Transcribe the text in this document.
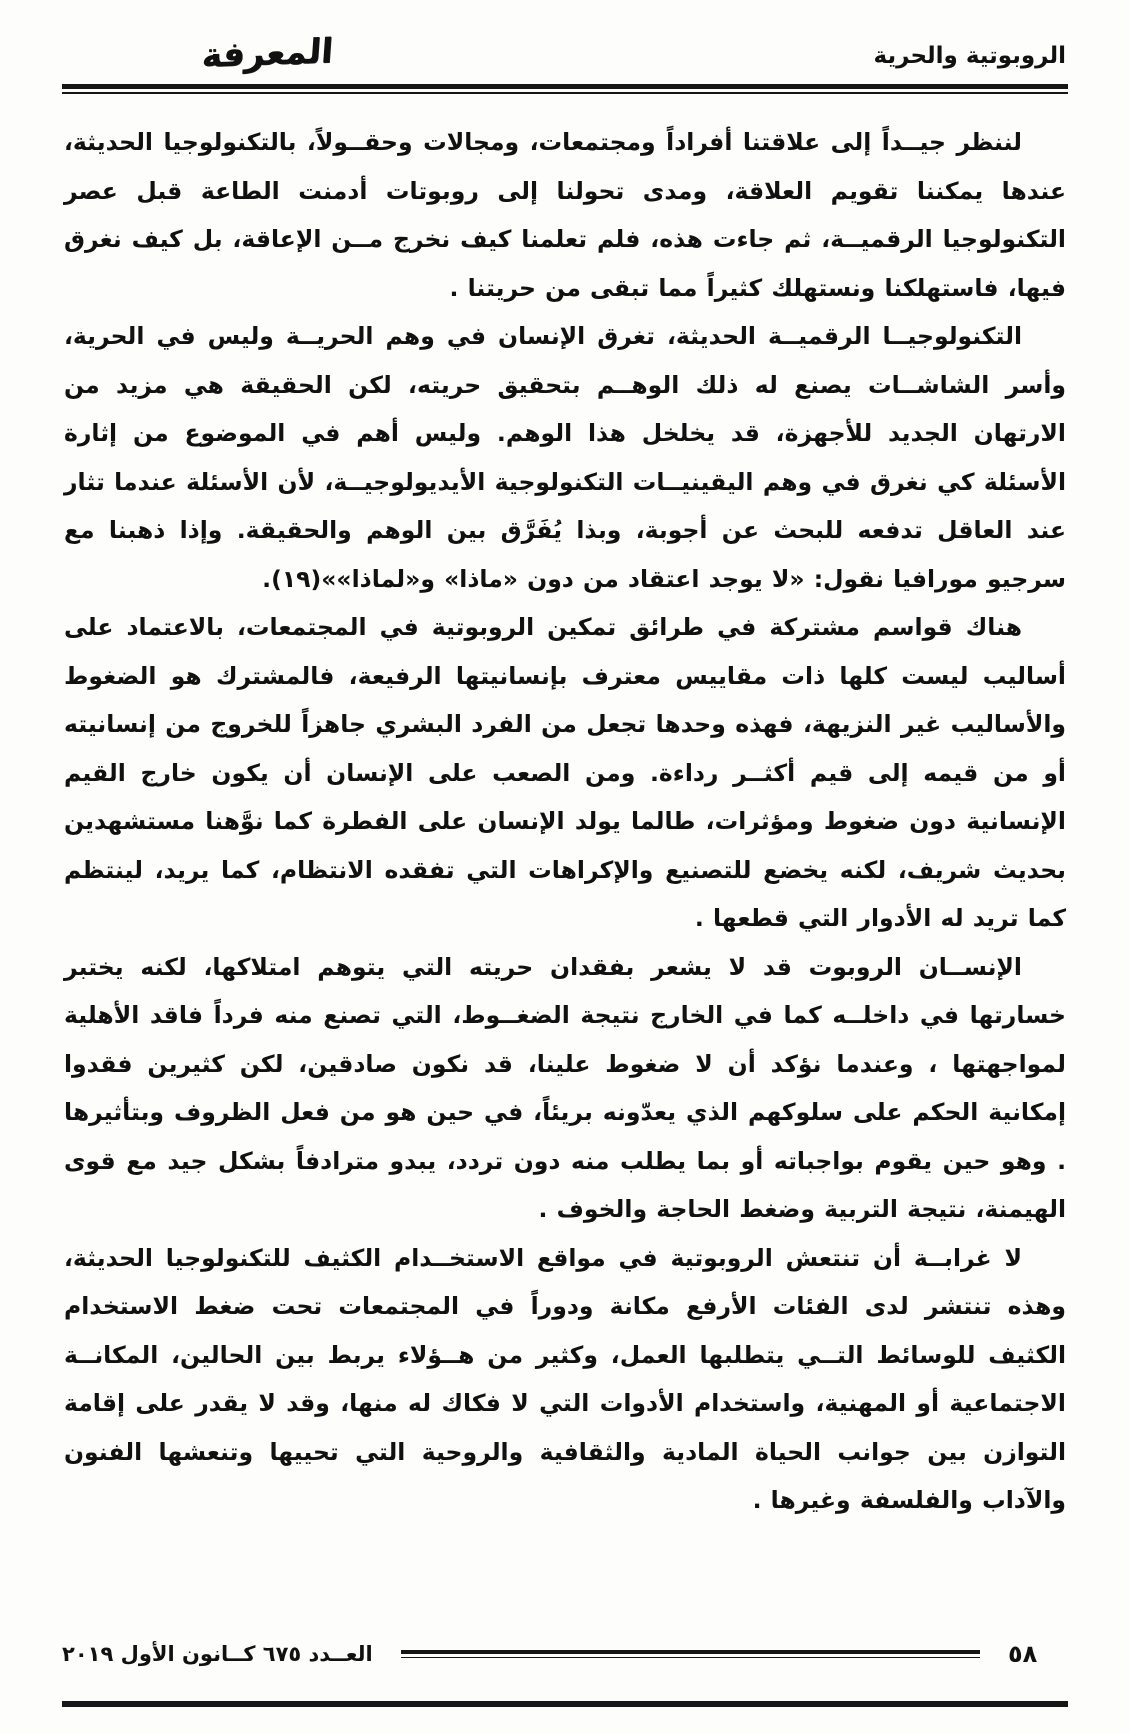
الروبوتية والحرية
المعرفة

لننظر جيــداً إلى علاقتنا أفراداً ومجتمعات، ومجالات وحقــولاً، بالتكنولوجيا الحديثة، عندها يمكننا تقويم العلاقة، ومدى تحولنا إلى روبوتات أدمنت الطاعة قبل عصر التكنولوجيا الرقميــة، ثم جاءت هذه، فلم تعلمنا كيف نخرج مــن الإعاقة، بل كيف نغرق فيها، فاستهلكنا ونستهلك كثيراً مما تبقى من حريتنا .

التكنولوجيــا الرقميــة الحديثة، تغرق الإنسان في وهم الحريــة وليس في الحرية، وأسر الشاشــات يصنع له ذلك الوهــم بتحقيق حريته، لكن الحقيقة هي مزيد من الارتهان الجديد للأجهزة، قد يخلخل هذا الوهم. وليس أهم في الموضوع من إثارة الأسئلة كي نغرق في وهم اليقينيــات التكنولوجية الأيديولوجيــة، لأن الأسئلة عندما تثار عند العاقل تدفعه للبحث عن أجوبة، وبذا يُفَرَّق بين الوهم والحقيقة. وإذا ذهبنا مع سرجيو مورافيا نقول: «لا يوجد اعتقاد من دون «ماذا» و«لماذا»»(١٩).

هناك قواسم مشتركة في طرائق تمكين الروبوتية في المجتمعات، بالاعتماد على أساليب ليست كلها ذات مقاييس معترف بإنسانيتها الرفيعة، فالمشترك هو الضغوط والأساليب غير النزيهة، فهذه وحدها تجعل من الفرد البشري جاهزاً للخروج من إنسانيته أو من قيمه إلى قيم أكثــر رداءة. ومن الصعب على الإنسان أن يكون خارج القيم الإنسانية دون ضغوط ومؤثرات، طالما يولد الإنسان على الفطرة كما نوَّهنا مستشهدين بحديث شريف، لكنه يخضع للتصنيع والإكراهات التي تفقده الانتظام، كما يريد، لينتظم كما تريد له الأدوار التي قطعها .

الإنســان الروبوت قد لا يشعر بفقدان حريته التي يتوهم امتلاكها، لكنه يختبر خسارتها في داخلــه كما في الخارج نتيجة الضغــوط، التي تصنع منه فرداً فاقد الأهلية لمواجهتها ، وعندما نؤكد أن لا ضغوط علينا، قد نكون صادقين، لكن كثيرين فقدوا إمكانية الحكم على سلوكهم الذي يعدّونه بريئاً، في حين هو من فعل الظروف وبتأثيرها . وهو حين يقوم بواجباته أو بما يطلب منه دون تردد، يبدو مترادفاً بشكل جيد مع قوى الهيمنة، نتيجة التربية وضغط الحاجة والخوف .

لا غرابــة أن تنتعش الروبوتية في مواقع الاستخــدام الكثيف للتكنولوجيا الحديثة، وهذه تنتشر لدى الفئات الأرفع مكانة ودوراً في المجتمعات تحت ضغط الاستخدام الكثيف للوسائط التــي يتطلبها العمل، وكثير من هــؤلاء يربط بين الحالين، المكانــة الاجتماعية أو المهنية، واستخدام الأدوات التي لا فكاك له منها، وقد لا يقدر على إقامة التوازن بين جوانب الحياة المادية والثقافية والروحية التي تحييها وتنعشها الفنون والآداب والفلسفة وغيرها .

٥٨
العــدد ٦٧٥ كــانون الأول ٢٠١٩
